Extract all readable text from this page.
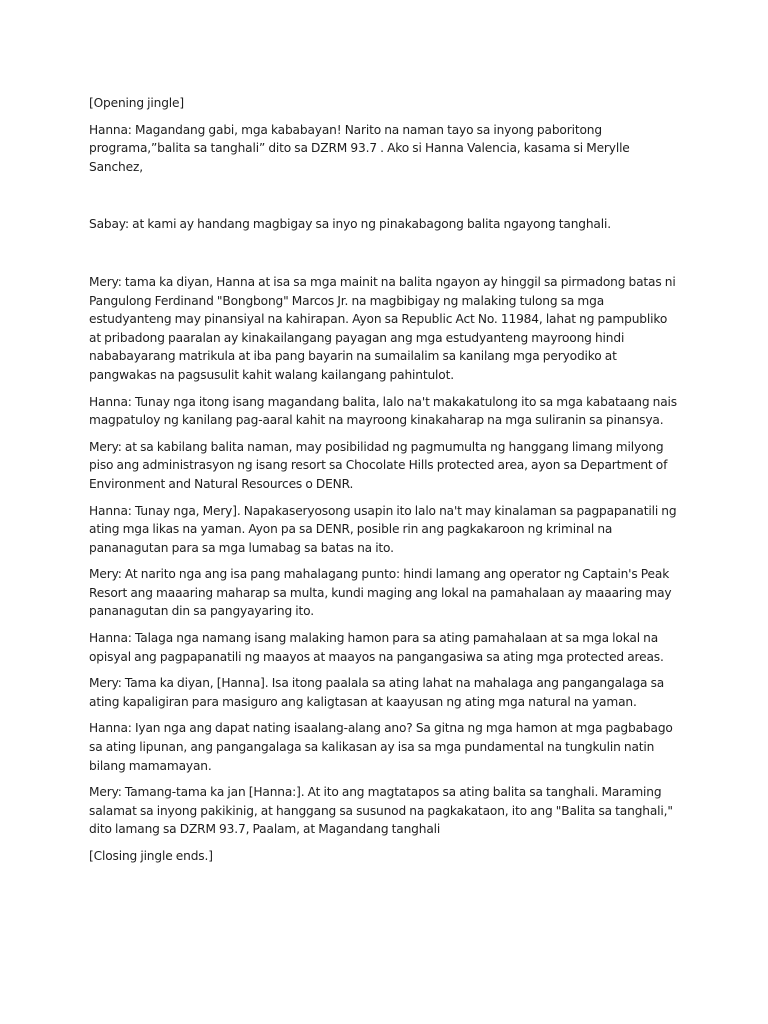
[Opening jingle]

Hanna: Magandang gabi, mga kababayan! Narito na naman tayo sa inyong paboritong programa,”balita sa tanghali” dito sa DZRM 93.7 . Ako si Hanna Valencia, kasama si Merylle Sanchez,

Sabay: at kami ay handang magbigay sa inyo ng pinakabagong balita ngayong tanghali.

Mery: tama ka diyan, Hanna at isa sa mga mainit na balita ngayon ay hinggil sa pirmadong batas ni Pangulong Ferdinand "Bongbong" Marcos Jr. na magbibigay ng malaking tulong sa mga estudyanteng may pinansiyal na kahirapan. Ayon sa Republic Act No. 11984, lahat ng pampubliko at pribadong paaralan ay kinakailangang payagan ang mga estudyanteng mayroong hindi nababayarang matrikula at iba pang bayarin na sumailalim sa kanilang mga peryodiko at pangwakas na pagsusulit kahit walang kailangang pahintulot.

Hanna: Tunay nga itong isang magandang balita, lalo na't makakatulong ito sa mga kabataang nais magpatuloy ng kanilang pag-aaral kahit na mayroong kinakaharap na mga suliranin sa pinansya.

Mery: at sa kabilang balita naman, may posibilidad ng pagmumulta ng hanggang limang milyong piso ang administrasyon ng isang resort sa Chocolate Hills protected area, ayon sa Department of Environment and Natural Resources o DENR.

Hanna: Tunay nga, Mery]. Napakaseryosong usapin ito lalo na't may kinalaman sa pagpapanatili ng ating mga likas na yaman. Ayon pa sa DENR, posible rin ang pagkakaroon ng kriminal na pananagutan para sa mga lumabag sa batas na ito.

Mery: At narito nga ang isa pang mahalagang punto: hindi lamang ang operator ng Captain's Peak Resort ang maaaring maharap sa multa, kundi maging ang lokal na pamahalaan ay maaaring may pananagutan din sa pangyayaring ito.

Hanna: Talaga nga namang isang malaking hamon para sa ating pamahalaan at sa mga lokal na opisyal ang pagpapanatili ng maayos at maayos na pangangasiwa sa ating mga protected areas.

Mery: Tama ka diyan, [Hanna]. Isa itong paalala sa ating lahat na mahalaga ang pangangalaga sa ating kapaligiran para masiguro ang kaligtasan at kaayusan ng ating mga natural na yaman.

Hanna: Iyan nga ang dapat nating isaalang-alang ano? Sa gitna ng mga hamon at mga pagbabago sa ating lipunan, ang pangangalaga sa kalikasan ay isa sa mga pundamental na tungkulin natin bilang mamamayan.

Mery: Tamang-tama ka jan [Hanna:]. At ito ang magtatapos sa ating balita sa tanghali. Maraming salamat sa inyong pakikinig, at hanggang sa susunod na pagkakataon, ito ang "Balita sa tanghali," dito lamang sa DZRM 93.7, Paalam, at Magandang tanghali

[Closing jingle ends.]
